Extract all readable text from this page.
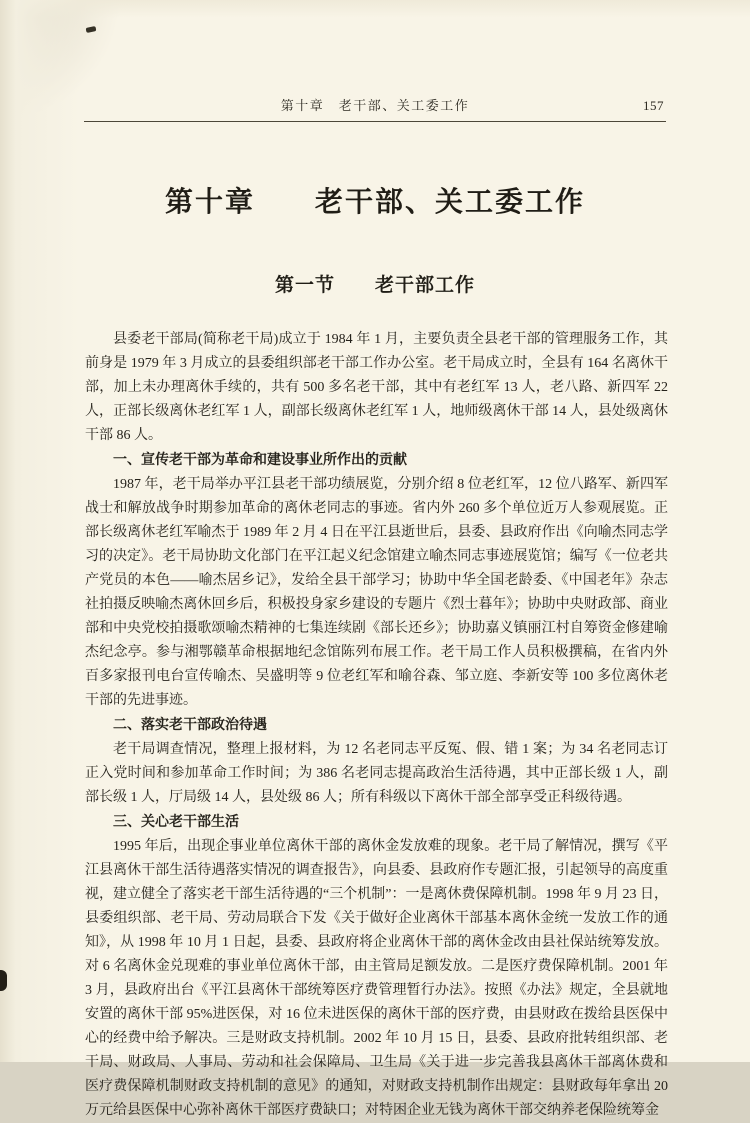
第十章　老干部、关工委工作	157
第十章　　老干部、关工委工作
第一节　　老干部工作

县委老干部局(简称老干局)成立于 1984 年 1 月，主要负责全县老干部的管理服务工作，其前身是 1979 年 3 月成立的县委组织部老干部工作办公室。老干局成立时，全县有 164 名离休干部，加上未办理离休手续的，共有 500 多名老干部，其中有老红军 13 人，老八路、新四军 22 人，正部长级离休老红军 1 人，副部长级离休老红军 1 人，地师级离休干部 14 人，县处级离休干部 86 人。

一、宣传老干部为革命和建设事业所作出的贡献

1987 年，老干局举办平江县老干部功绩展览，分别介绍 8 位老红军，12 位八路军、新四军战士和解放战争时期参加革命的离休老同志的事迹。省内外 260 多个单位近万人参观展览。正部长级离休老红军喻杰于 1989 年 2 月 4 日在平江县逝世后，县委、县政府作出《向喻杰同志学习的决定》。老干局协助文化部门在平江起义纪念馆建立喻杰同志事迹展览馆；编写《一位老共产党员的本色——喻杰居乡记》，发给全县干部学习；协助中华全国老龄委、《中国老年》杂志社拍摄反映喻杰离休回乡后，积极投身家乡建设的专题片《烈士暮年》；协助中央财政部、商业部和中央党校拍摄歌颂喻杰精神的七集连续剧《部长还乡》；协助嘉义镇丽江村自筹资金修建喻杰纪念亭。参与湘鄂赣革命根据地纪念馆陈列布展工作。老干局工作人员积极撰稿，在省内外百多家报刊电台宣传喻杰、吴盛明等 9 位老红军和喻谷森、邹立庭、李新安等 100 多位离休老干部的先进事迹。

二、落实老干部政治待遇

老干局调查情况，整理上报材料，为 12 名老同志平反冤、假、错 1 案；为 34 名老同志订正入党时间和参加革命工作时间；为 386 名老同志提高政治生活待遇，其中正部长级 1 人，副部长级 1 人，厅局级 14 人，县处级 86 人；所有科级以下离休干部全部享受正科级待遇。

三、关心老干部生活

1995 年后，出现企事业单位离休干部的离休金发放难的现象。老干局了解情况，撰写《平江县离休干部生活待遇落实情况的调查报告》，向县委、县政府作专题汇报，引起领导的高度重视，建立健全了落实老干部生活待遇的“三个机制”：一是离休费保障机制。1998 年 9 月 23 日，县委组织部、老干局、劳动局联合下发《关于做好企业离休干部基本离休金统一发放工作的通知》，从 1998 年 10 月 1 日起，县委、县政府将企业离休干部的离休金改由县社保站统筹发放。对 6 名离休金兑现难的事业单位离休干部，由主管局足额发放。二是医疗费保障机制。2001 年 3 月，县政府出台《平江县离休干部统筹医疗费管理暂行办法》。按照《办法》规定，全县就地安置的离休干部 95%进医保，对 16 位未进医保的离休干部的医疗费，由县财政在拨给县医保中心的经费中给予解决。三是财政支持机制。2002 年 10 月 15 日，县委、县政府批转组织部、老干局、财政局、人事局、劳动和社会保障局、卫生局《关于进一步完善我县离休干部离休费和医疗费保障机制财政支持机制的意见》的通知，对财政支持机制作出规定：县财政每年拿出 20 万元给县医保中心弥补离休干部医疗费缺口；对特困企业无钱为离休干部交纳养老保险统筹金
